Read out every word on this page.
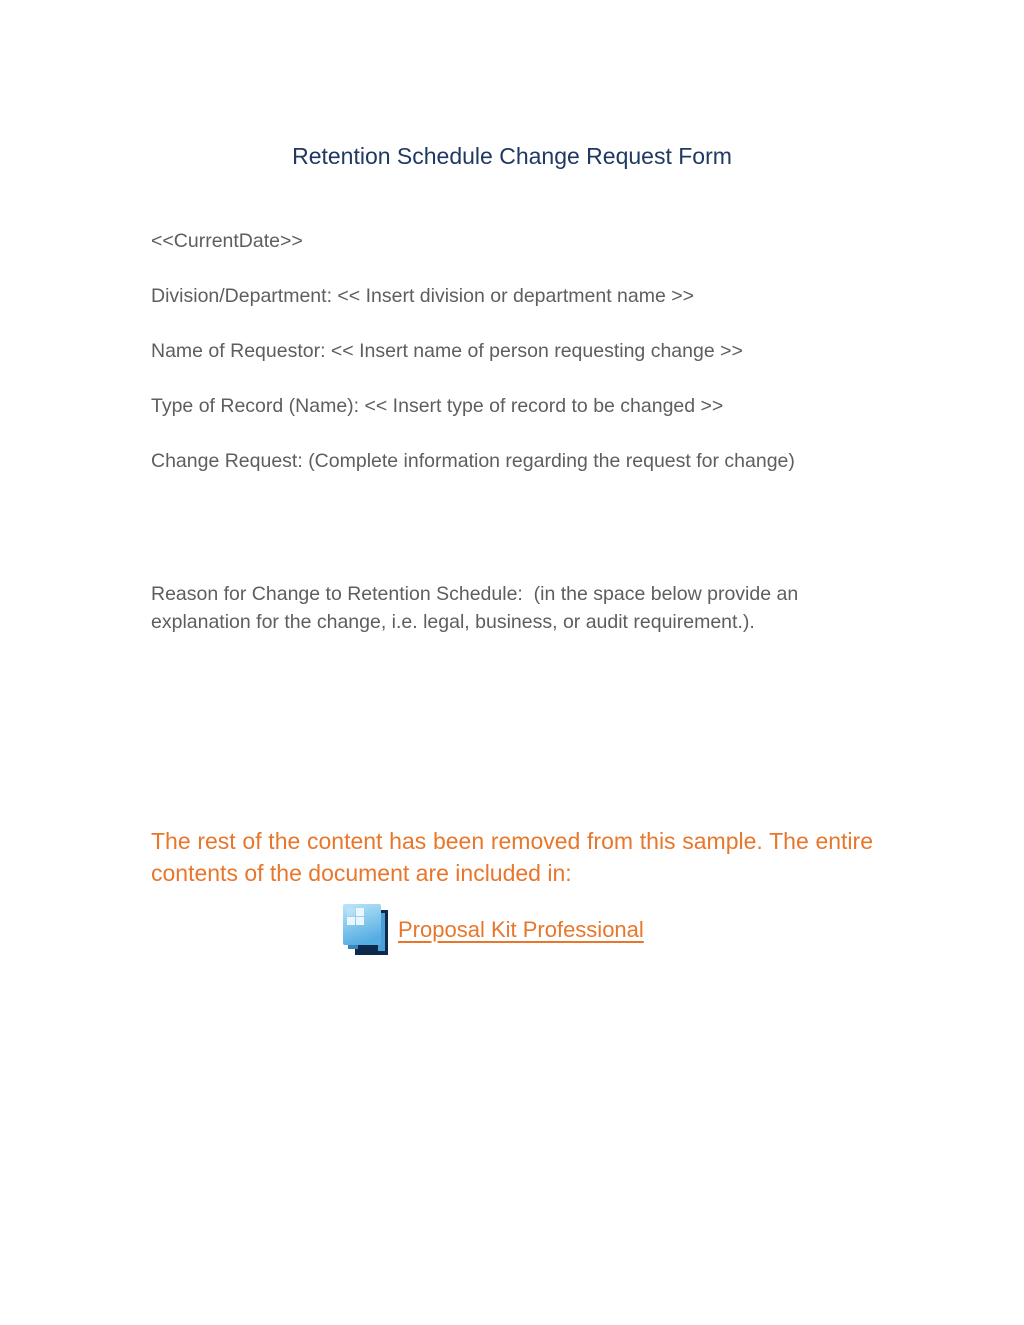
Retention Schedule Change Request Form

<<CurrentDate>>

Division/Department: << Insert division or department name >>

Name of Requestor: << Insert name of person requesting change >>

Type of Record (Name): << Insert type of record to be changed >>

Change Request: (Complete information regarding the request for change)

Reason for Change to Retention Schedule:  (in the space below provide an explanation for the change, i.e. legal, business, or audit requirement.).

The rest of the content has been removed from this sample. The entire contents of the document are included in:

Proposal Kit Professional
